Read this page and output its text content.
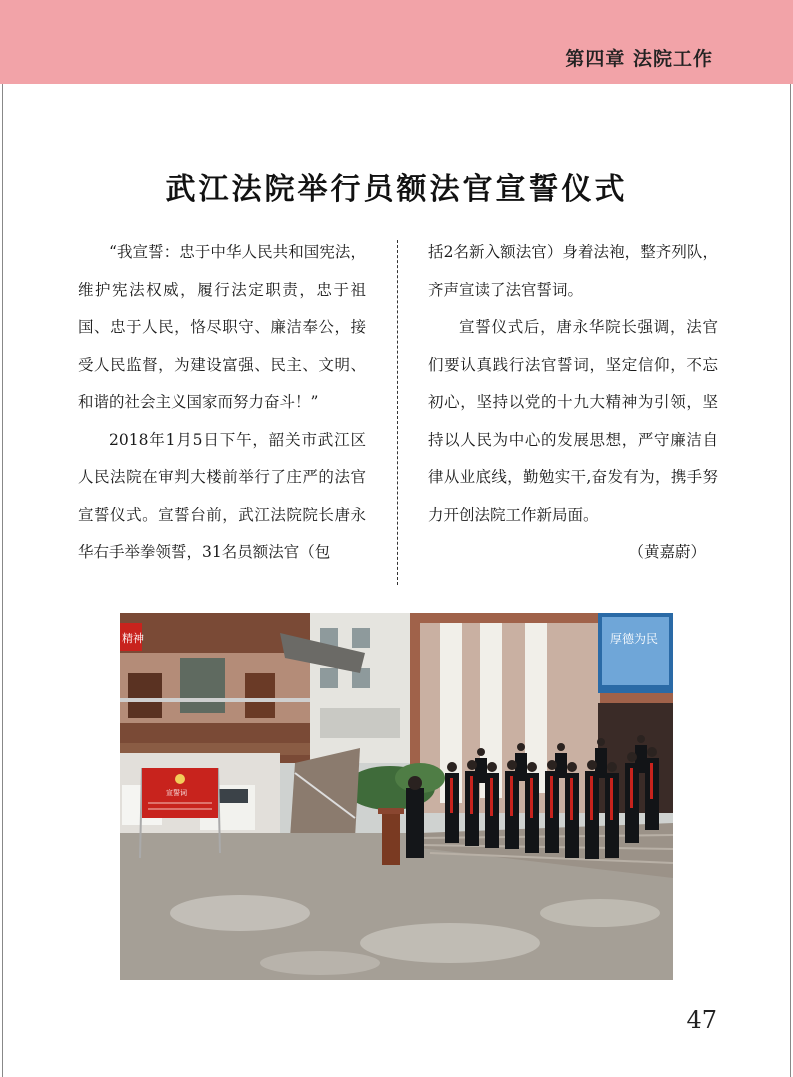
第四章 法院工作
武江法院举行员额法官宣誓仪式

“我宣誓：忠于中华人民共和国宪法，维护宪法权威，履行法定职责，忠于祖国、忠于人民，恪尽职守、廉洁奉公，接受人民监督，为建设富强、民主、文明、和谐的社会主义国家而努力奋斗！”

2018年1月5日下午，韶关市武江区人民法院在审判大楼前举行了庄严的法官宣誓仪式。宣誓台前，武江法院院长唐永华右手举拳领誓，31名员额法官（包

括2名新入额法官）身着法袍，整齐列队，齐声宣读了法官誓词。

宣誓仪式后，唐永华院长强调，法官们要认真践行法官誓词，坚定信仰，不忘初心，坚持以党的十九大精神为引领，坚持以人民为中心的发展思想，严守廉洁自律从业底线，勤勉实干,奋发有为，携手努力开创法院工作新局面。

（黄嘉蔚）

精神	厚德为民
宣誓词
47
